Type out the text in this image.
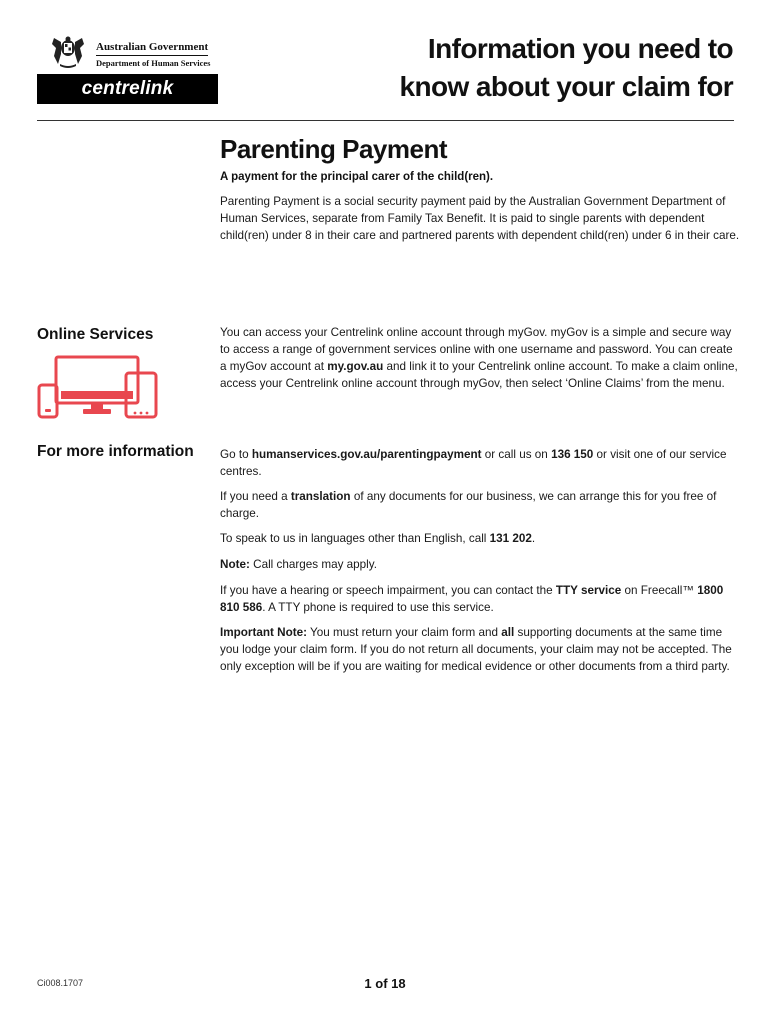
Australian Government
Department of Human Services
centrelink
Information you need to
know about your claim for
Parenting Payment
A payment for the principal carer of the child(ren).
Parenting Payment is a social security payment paid by the Australian Government Department of Human Services, separate from Family Tax Benefit. It is paid to single parents with dependent child(ren) under 8 in their care and partnered parents with dependent child(ren) under 6 in their care.
Online Services	You can access your Centrelink online account through myGov. myGov is a simple and secure way to access a range of government services online with one username and password. You can create a myGov account at my.gov.au and link it to your Centrelink online account. To make a claim online, access your Centrelink online account through myGov, then select ‘Online Claims’ from the menu.
For more information Go to humanservices.gov.au/parentingpayment or call us on 136 150 or visit one of our service centres.
If you need a translation of any documents for our business, we can arrange this for you free of charge.
To speak to us in languages other than English, call 131 202.
Note: Call charges may apply.
If you have a hearing or speech impairment, you can contact the TTY service on Freecall™ 1800 810 586. A TTY phone is required to use this service.
Important Note: You must return your claim form and all supporting documents at the same time you lodge your claim form. If you do not return all documents, your claim may not be accepted. The only exception will be if you are waiting for medical evidence or other documents from a third party.
Ci008.1707	1 of 18
